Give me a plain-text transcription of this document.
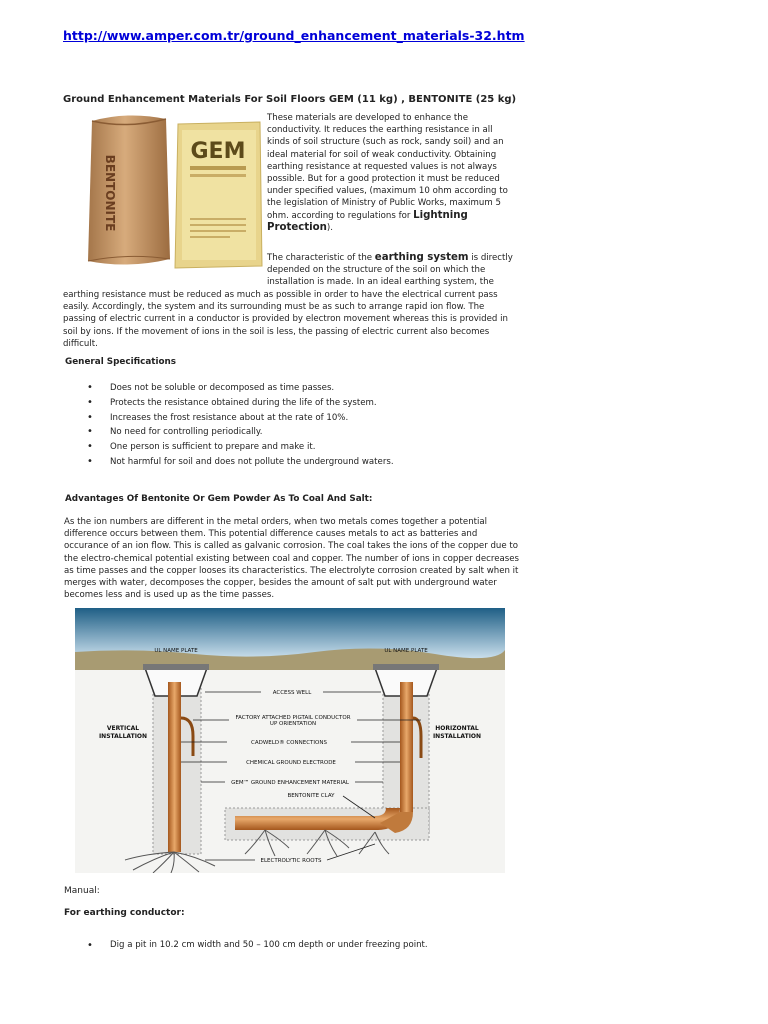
http://www.amper.com.tr/ground_enhancement_materials-32.htm
Ground Enhancement Materials For Soil Floors GEM (11 kg) , BENTONITE (25 kg)
BENTONITE
GEM
These materials are developed to enhance the conductivity. It reduces the earthing resistance in all kinds of soil structure (such as rock, sandy soil) and an ideal material for soil of weak conductivity. Obtaining earthing resistance at requested values is not always possible. But for a good protection it must be reduced under specified values, (maximum 10 ohm according to the legislation of Ministry of Public Works, maximum 5 ohm. according to regulations for Lightning Protection).
The characteristic of the earthing system is directly depended on the structure of the soil on which the installation is made. In an ideal earthing system, the
earthing resistance must be reduced as much as possible in order to have the electrical current pass easily. Accordingly, the system and its surrounding must be as such to arrange rapid ion flow. The passing of electric current in a conductor is provided by electron movement whereas this is provided in soil by ions. If the movement of ions in the soil is less, the passing of electric current also becomes difficult.
General Specifications
• Does not be soluble or decomposed as time passes.
• Protects the resistance obtained during the life of the system.
• Increases the frost resistance about at the rate of 10%.
• No need for controlling periodically.
• One person is sufficient to prepare and make it.
• Not harmful for soil and does not pollute the underground waters.
Advantages Of Bentonite Or Gem Powder As To Coal And Salt:
As the ion numbers are different in the metal orders, when two metals comes together a potential difference occurs between them. This potential difference causes metals to act as batteries and occurance of an ion flow. This is called as galvanic corrosion. The coal takes the ions of the copper due to the electro-chemical potential existing between coal and copper. The number of ions in copper decreases as time passes and the copper looses its characteristics. The electrolyte corrosion created by salt when it merges with water, decomposes the copper, besides the amount of salt put with underground water becomes less and is used up as the time passes.
UL NAME PLATE	UL NAME PLATE
ACCESS WELL
FACTORY ATTACHED PIGTAIL CONDUCTOR
UP ORIENTATION
CADWELD® CONNECTIONS
CHEMICAL GROUND ELECTRODE
GEM™ GROUND ENHANCEMENT MATERIAL
BENTONITE CLAY
ELECTROLYTIC ROOTS
VERTICAL
INSTALLATION
HORIZONTAL
INSTALLATION
Manual:
For earthing conductor:
• Dig a pit in 10.2 cm width and 50 – 100 cm depth or under freezing point.
